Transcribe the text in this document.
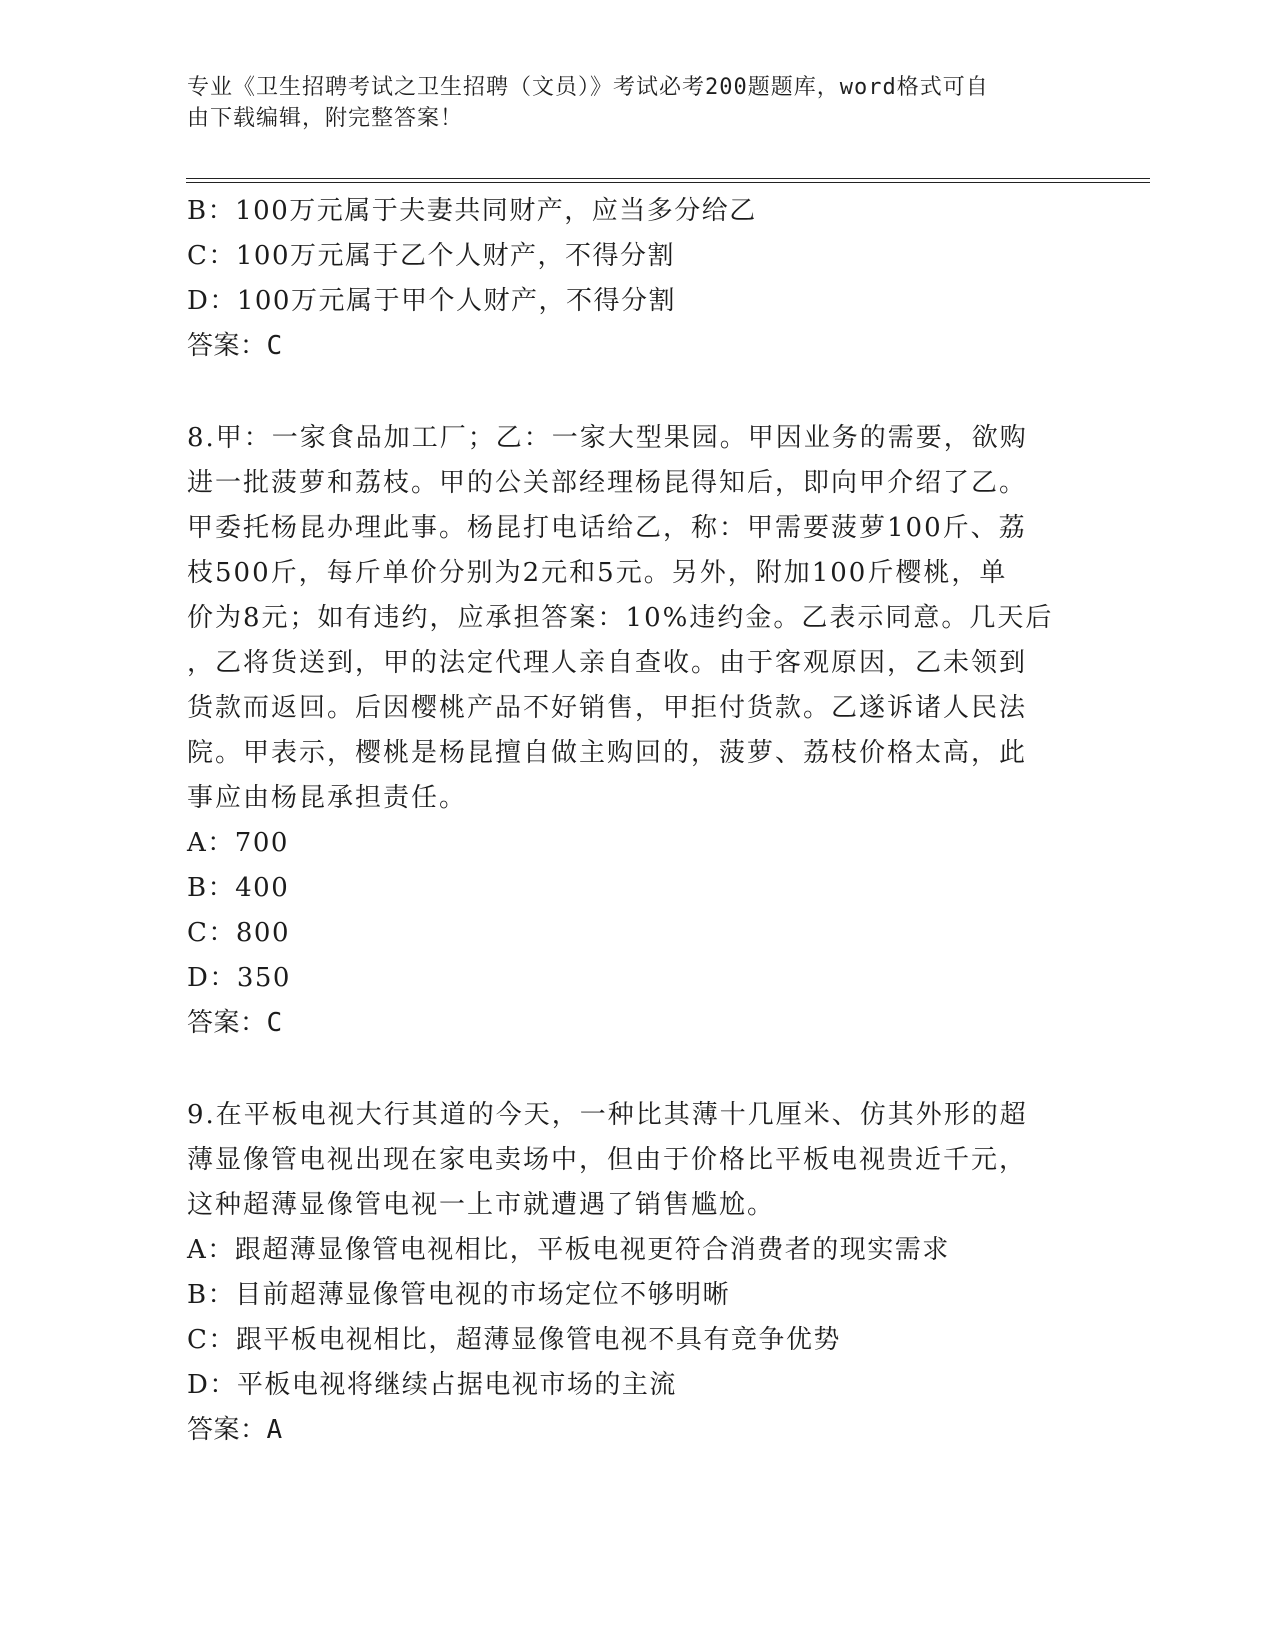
专业《卫生招聘考试之卫生招聘（文员）》考试必考200题题库，word格式可自
由下载编辑，附完整答案！
B：100万元属于夫妻共同财产，应当多分给乙
C：100万元属于乙个人财产，不得分割
D：100万元属于甲个人财产，不得分割
答案：C
8.甲：一家食品加工厂；乙：一家大型果园。甲因业务的需要，欲购
进一批菠萝和荔枝。甲的公关部经理杨昆得知后，即向甲介绍了乙。
甲委托杨昆办理此事。杨昆打电话给乙，称：甲需要菠萝100斤、荔
枝500斤，每斤单价分别为2元和5元。另外，附加100斤樱桃，单
价为8元；如有违约，应承担答案：10%违约金。乙表示同意。几天后
，乙将货送到，甲的法定代理人亲自查收。由于客观原因，乙未领到
货款而返回。后因樱桃产品不好销售，甲拒付货款。乙遂诉诸人民法
院。甲表示，樱桃是杨昆擅自做主购回的，菠萝、荔枝价格太高，此
事应由杨昆承担责任。
A：700
B：400
C：800
D：350
答案：C
9.在平板电视大行其道的今天，一种比其薄十几厘米、仿其外形的超
薄显像管电视出现在家电卖场中，但由于价格比平板电视贵近千元，
这种超薄显像管电视一上市就遭遇了销售尴尬。
A：跟超薄显像管电视相比，平板电视更符合消费者的现实需求
B：目前超薄显像管电视的市场定位不够明晰
C：跟平板电视相比，超薄显像管电视不具有竞争优势
D：平板电视将继续占据电视市场的主流
答案：A
